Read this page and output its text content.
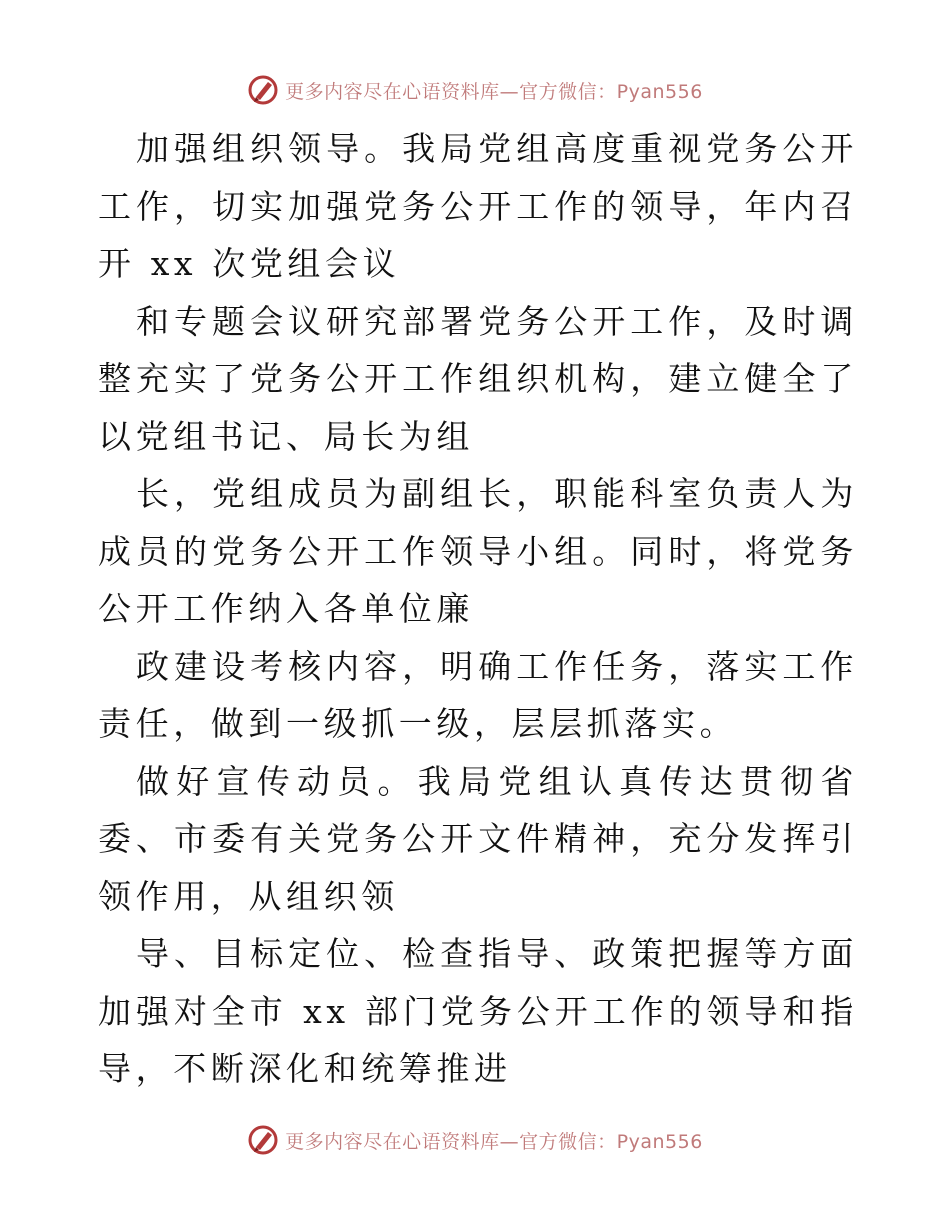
更多内容尽在心语资料库—官方微信：Pyan556

加强组织领导。我局党组高度重视党务公开工作，切实加强党务公开工作的领导，年内召开 xx 次党组会议

和专题会议研究部署党务公开工作，及时调整充实了党务公开工作组织机构，建立健全了以党组书记、局长为组

长，党组成员为副组长，职能科室负责人为成员的党务公开工作领导小组。同时，将党务公开工作纳入各单位廉

政建设考核内容，明确工作任务，落实工作责任，做到一级抓一级，层层抓落实。

做好宣传动员。我局党组认真传达贯彻省委、市委有关党务公开文件精神，充分发挥引领作用，从组织领

导、目标定位、检查指导、政策把握等方面加强对全市 xx 部门党务公开工作的领导和指导，不断深化和统筹推进

更多内容尽在心语资料库—官方微信：Pyan556
